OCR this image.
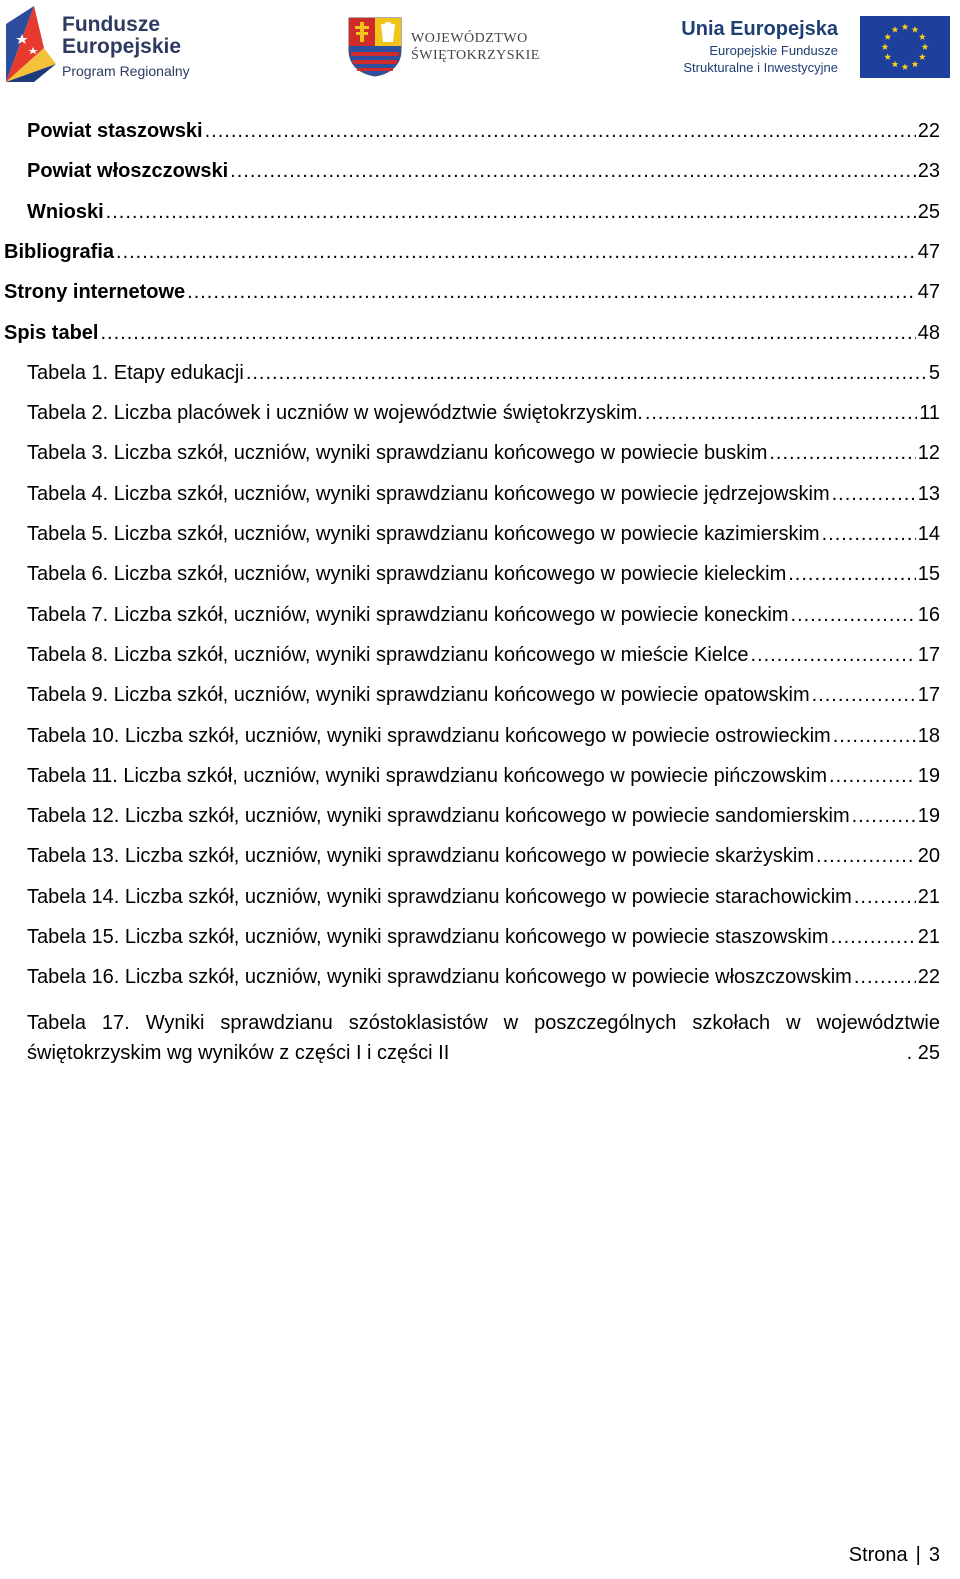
Fundusze
Europejskie
Program Regionalny
WOJEWÓDZTWO
ŚWIĘTOKRZYSKIE
Unia Europejska
Europejskie Fundusze
Strukturalne i Inwestycyjne
Powiat staszowski .....	22
Powiat włoszczowski .....	23
Wnioski .....	25
Bibliografia .....	47
Strony internetowe .....	47
Spis tabel .....	48
Tabela 1. Etapy edukacji .....	5
Tabela 2. Liczba placówek i uczniów w województwie świętokrzyskim. .....	11
Tabela 3. Liczba szkół, uczniów, wyniki sprawdzianu końcowego w powiecie buskim .....	12
Tabela 4. Liczba szkół, uczniów, wyniki sprawdzianu końcowego w powiecie jędrzejowskim .....	13
Tabela 5. Liczba szkół, uczniów, wyniki sprawdzianu końcowego w powiecie kazimierskim .....	14
Tabela 6. Liczba szkół, uczniów, wyniki sprawdzianu końcowego w powiecie kieleckim .....	15
Tabela 7. Liczba szkół, uczniów, wyniki sprawdzianu końcowego w powiecie koneckim .....	16
Tabela 8. Liczba szkół, uczniów, wyniki sprawdzianu końcowego w mieście Kielce .....	17
Tabela 9. Liczba szkół, uczniów, wyniki sprawdzianu końcowego w powiecie opatowskim .....	17
Tabela 10. Liczba szkół, uczniów, wyniki sprawdzianu końcowego w powiecie ostrowieckim .....	18
Tabela 11. Liczba szkół, uczniów, wyniki sprawdzianu końcowego w powiecie pińczowskim .....	19
Tabela 12. Liczba szkół, uczniów, wyniki sprawdzianu końcowego w powiecie sandomierskim .....	19
Tabela 13. Liczba szkół, uczniów, wyniki sprawdzianu końcowego w powiecie skarżyskim .....	20
Tabela 14. Liczba szkół, uczniów, wyniki sprawdzianu końcowego w powiecie starachowickim .....	21
Tabela 15. Liczba szkół, uczniów, wyniki sprawdzianu końcowego w powiecie staszowskim .....	21
Tabela 16. Liczba szkół, uczniów, wyniki sprawdzianu końcowego w powiecie włoszczowskim .....	22
Tabela 17. Wyniki sprawdzianu szóstoklasistów w poszczególnych szkołach w województwie
świętokrzyskim wg wyników z części I i części II	. 25
Strona | 3
